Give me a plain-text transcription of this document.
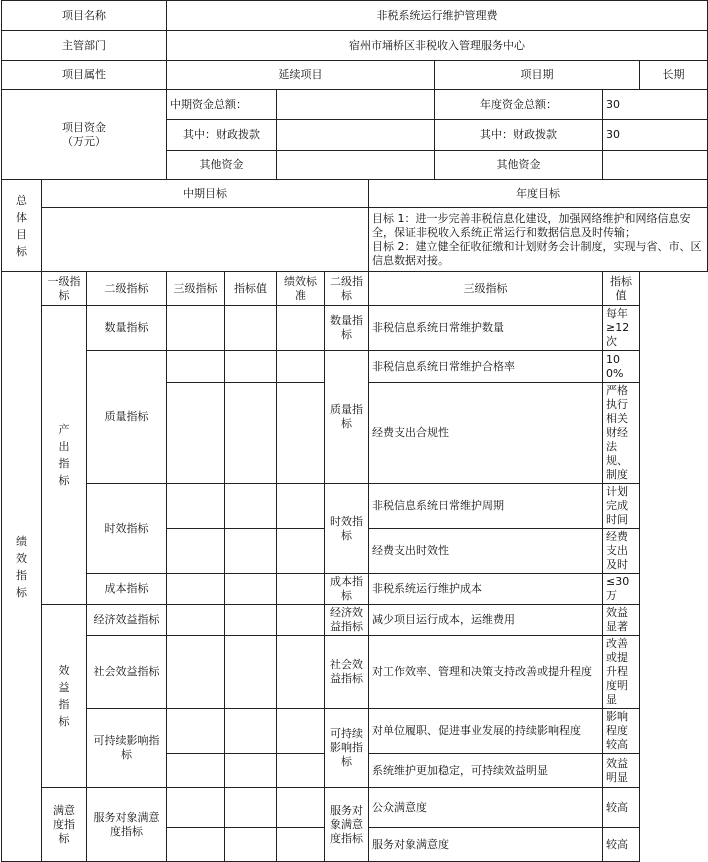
项目名称			非税系统运行维护管理费							
主管部门			宿州市埇桥区非税收入管理服务中心							
项目属性			延续项目					项目期		长期

项目资金
（万元）			中期资金总额：					年度资金总额：	30	
			其中：财政拨款					其中：财政拨款	30	
			其他资金					其他资金		

总
体
目
标	中期目标						年度目标			

							目标 1：进一步完善非税信息化建设，加强网络维护和网络信息安全，保证非税收入系统正常运行和数据信息及时传输；

目标 2：建立健全征收征缴和计划财务会计制度，实现与省、市、区信息数据对接。			

绩
效
指
标	一级指标	二级指标	三级指标	指标值	绩效标准	二级指标	三级指标		指标值	

	产
出
指
标	数量指标				数量指标	非税信息系统日常维护数量		每年≥12 次	
		质量指标				质量指标	非税信息系统日常维护合格率		100%	
							经费支出合规性		严格执行相关财经法规、制度	
		时效指标				时效指标	非税信息系统日常维护周期		计划完成时间	
							经费支出时效性		经费支出及时	
		成本指标				成本指标	非税系统运行维护成本		≤30 万	

	效
益
指
标	经济效益指标				经济效益指标	减少项目运行成本，运维费用		效益显著	
		社会效益指标				社会效益指标	对工作效率、管理和决策支持改善或提升程度		改善或提升程度明显	
		可持续影响指标				可持续影响指标	对单位履职、促进事业发展的持续影响程度		影响程度较高	
							系统维护更加稳定，可持续效益明显		效益明显	

	满意
度指
标	服务对象满意度指标				服务对象满意度指标	公众满意度		较高	
							服务对象满意度		较高	
